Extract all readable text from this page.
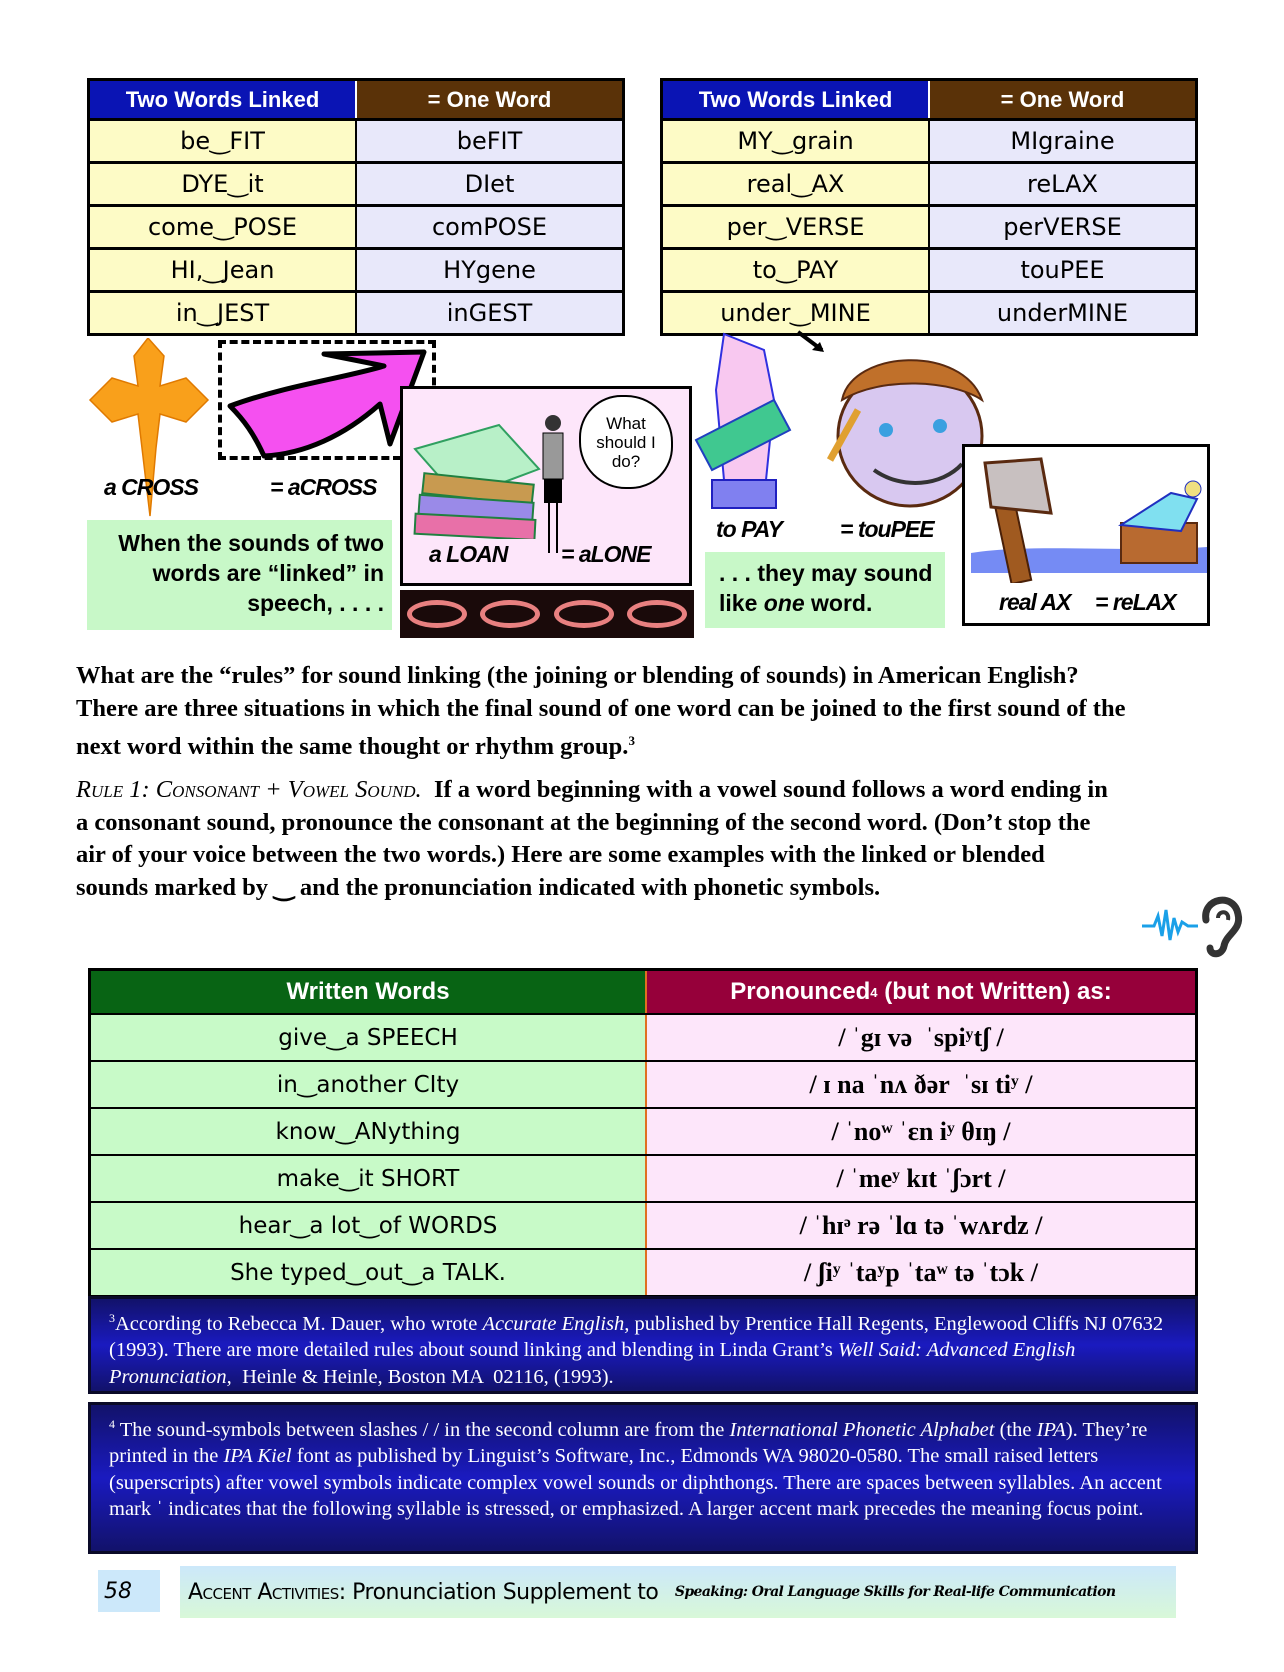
Two Words Linked	= One Word
be‿FIT	beFIT
DYE‿it	DIet
come‿POSE	comPOSE
HI,‿Jean	HYgene
in‿JEST	inGEST
Two Words Linked	= One Word
MY‿grain	MIgraine
real‿AX	reLAX
per‿VERSE	perVERSE
to‿PAY	touPEE
under‿MINE	underMINE
a CROSS	= aCROSS
When the sounds of two words are “linked” in speech, . . . .
What should I do?
a LOAN = aLONE
to PAY	= touPEE
. . . they may sound like one word.	real AX = reLAX
What are the “rules” for sound linking (the joining or blending of sounds) in American English? There are three situations in which the final sound of one word can be joined to the first sound of the next word within the same thought or rhythm group.$^3$
Rule 1: Consonant + Vowel Sound. If a word beginning with a vowel sound follows a word ending in a consonant sound, pronounce the consonant at the beginning of the second word. (Don’t stop the air of your voice between the two words.) Here are some examples with the linked or blended sounds marked by ‿ and the pronunciation indicated with phonetic symbols.
Written Words	Pronounced 4 (but not Written) as:
give‿a SPEECH	/ ˈgɪ və  ˈspiʸtʃ /
in‿another CIty	/ ɪ na ˈnʌ ðər  ˈsɪ tiʸ /
know‿ANything	/ ˈnoʷ ˈɛn iʸ θɪŋ /
make‿it SHORT	/ ˈmeʸ kɪt ˈʃɔrt /
hear‿a lot‿of WORDS	/ ˈhɪᵊ rə ˈlɑ tə ˈwʌrdz /
She typed‿out‿a TALK.	/ ʃiʸ ˈtaʸp ˈtaʷ tə ˈtɔk /
$^3$According to Rebecca M. Dauer, who wrote Accurate English, published by Prentice Hall Regents, Englewood Cliffs NJ 07632 (1993). There are more detailed rules about sound linking and blending in Linda Grant’s Well Said: Advanced English Pronunciation,  Heinle & Heinle, Boston MA  02116, (1993).
$^4$ The sound-symbols between slashes / / in the second column are from the International Phonetic Alphabet (the IPA). They’re printed in the IPA Kiel font as published by Linguist’s Software, Inc., Edmonds WA 98020-0580. The small raised letters (superscripts) after vowel symbols indicate complex vowel sounds or diphthongs. There are spaces between syllables. An accent mark ˈ indicates that the following syllable is stressed, or emphasized. A larger accent mark precedes the meaning focus point.
58	Accent Activities: Pronunciation Supplement to Speaking: Oral Language Skills for Real-life Communication
